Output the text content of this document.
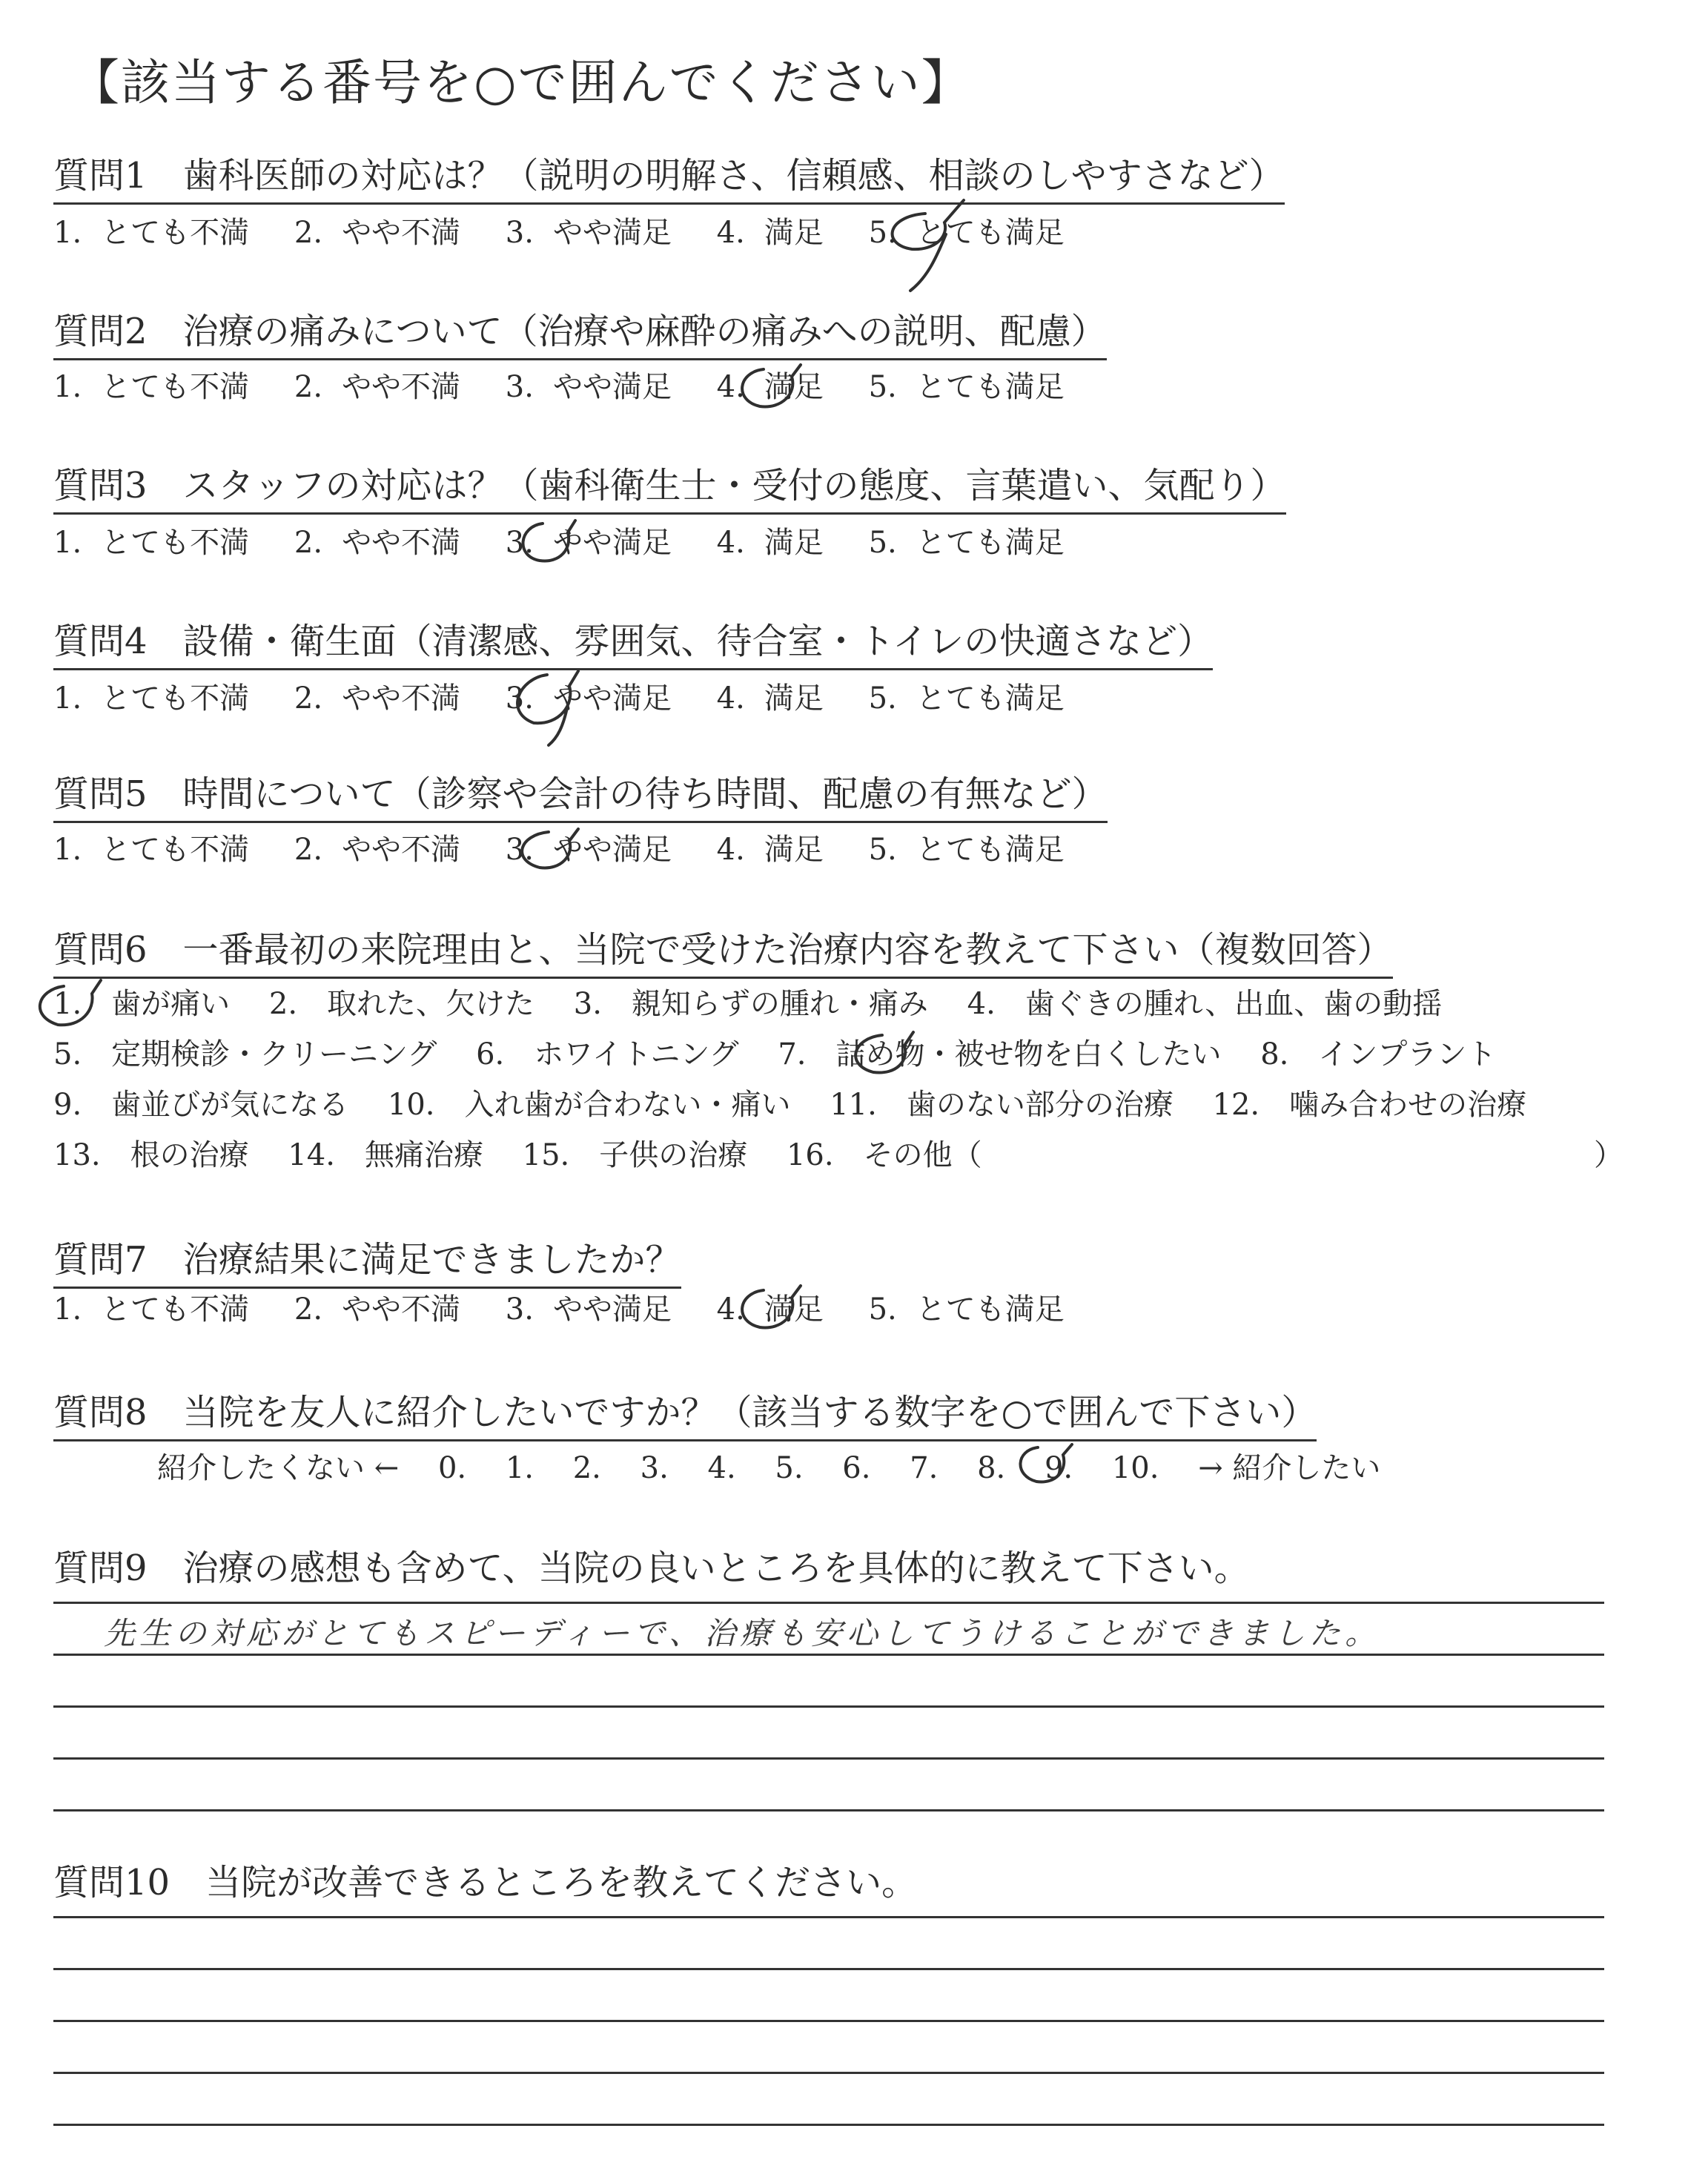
【該当する番号を○で囲んでください】
質問1　歯科医師の対応は？（説明の明解さ、信頼感、相談のしやすさなど）
1. とても不満 2. やや不満 3. やや満足 4. 満足 5. とても満足
質問2　治療の痛みについて（治療や麻酔の痛みへの説明、配慮）
1. とても不満 2. やや不満 3. やや満足 4. 満足 5. とても満足
質問3　スタッフの対応は？（歯科衛生士・受付の態度、言葉遣い、気配り）
1. とても不満 2. やや不満 3. やや満足 4. 満足 5. とても満足
質問4　設備・衛生面（清潔感、雰囲気、待合室・トイレの快適さなど）
1. とても不満 2. やや不満 3. やや満足 4. 満足 5. とても満足
質問5　時間について（診察や会計の待ち時間、配慮の有無など）
1. とても不満 2. やや不満 3. やや満足 4. 満足 5. とても満足
質問6　一番最初の来院理由と、当院で受けた治療内容を教えて下さい（複数回答）
1.　歯が痛い　 2.　取れた、欠けた　 3.　親知らずの腫れ・痛み　 4.　歯ぐきの腫れ、出血、歯の動揺
5.　定期検診・クリーニング　 6.　ホワイトニング　 7.　詰め物・被せ物を白くしたい　 8.　インプラント
9.　歯並びが気になる　 10.　入れ歯が合わない・痛い　 11.　歯のない部分の治療　 12.　噛み合わせの治療
13.　根の治療　 14.　無痛治療　 15.　子供の治療　 16.　その他（	）
質問7　治療結果に満足できましたか？
1. とても不満 2. やや不満 3. やや満足 4. 満足 5. とても満足
質問8　当院を友人に紹介したいですか？（該当する数字を○で囲んで下さい）
紹介したくない ← 0. 1. 2. 3. 4. 5. 6. 7. 8. 9. 10. → 紹介したい
質問9　治療の感想も含めて、当院の良いところを具体的に教えて下さい。
先生の対応がとてもスピーディーで、治療も安心してうけることができました。
質問10　当院が改善できるところを教えてください。
